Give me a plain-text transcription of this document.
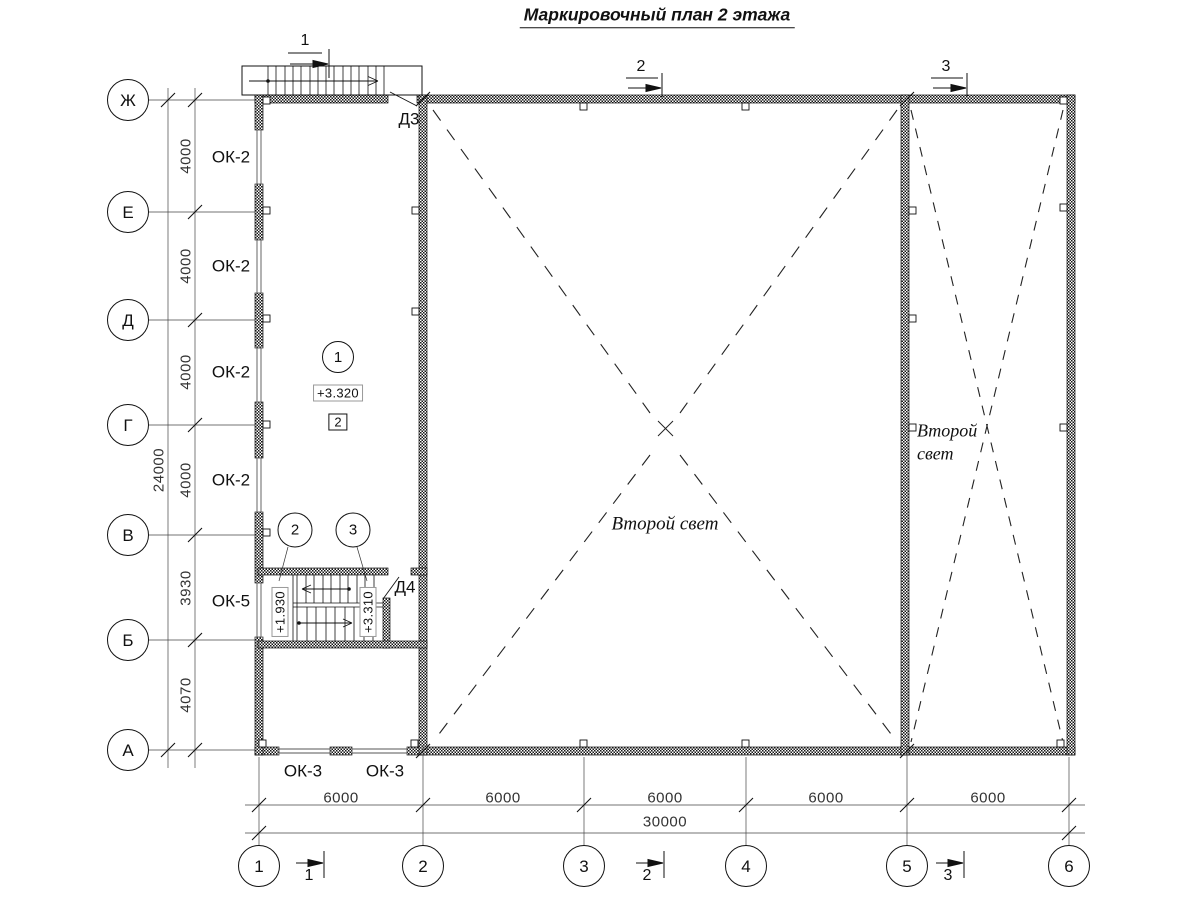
Маркировочный план 2 этажа
Ж
Е
Д
Г
В
Б
А
1	2	3	4	5	6
4000
4000
4000
4000
3930
4070
24000
6000	6000	6000	6000	6000
30000
1
2	3
1	2	3
ОК-2
ОК-2
ОК-2
ОК-2
ОК-5
ОК-3	ОК-3
Д3
Д4
1
+3.320
2
2	3
+1.930	+3.310
Второй свет
Второй свет
